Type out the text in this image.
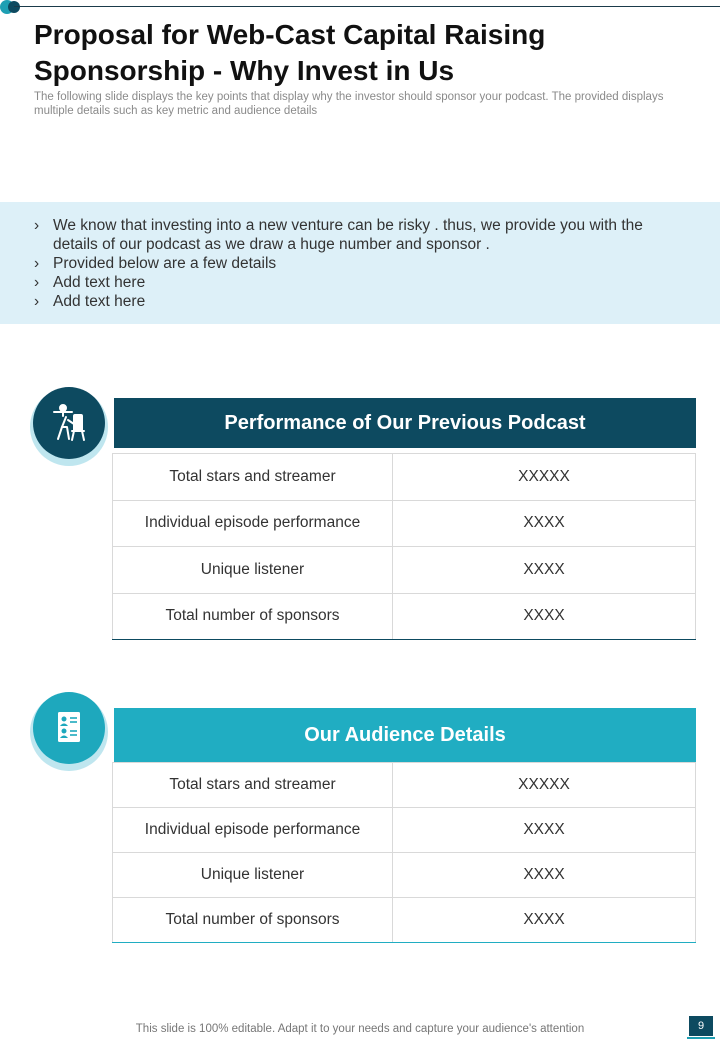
Proposal for Web-Cast Capital Raising Sponsorship - Why Invest in Us

The following slide displays the key points that display why the investor should sponsor your podcast. The provided displays multiple details such as key metric and audience details

› We know that investing into a new venture can be risky . thus, we provide you with the details of our podcast as we draw a huge number and sponsor .
› Provided below are a few details
› Add text here
› Add text here
Performance of Our Previous Podcast
Total stars and streamer	XXXXX
Individual episode performance	XXXX
Unique listener	XXXX
Total number of sponsors	XXXX
Our Audience Details
Total stars and streamer	XXXXX
Individual episode performance	XXXX
Unique listener	XXXX
Total number of sponsors	XXXX
This slide is 100% editable. Adapt it to your needs and capture your audience's attention	9
